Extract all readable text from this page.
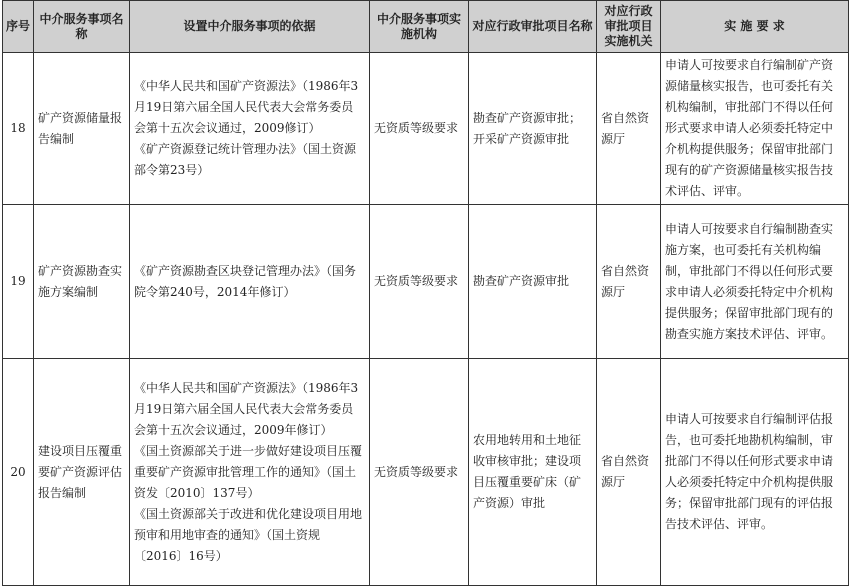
序号	中介服务事项名称	设置中介服务事项的依据	中介服务事项实施机构	对应行政审批项目名称	对应行政审批项目实施机关	实 施 要 求
18	矿产资源储量报告编制	《中华人民共和国矿产资源法》（1986年3月19日第六届全国人民代表大会常务委员会第十五次会议通过，2009修订）
《矿产资源登记统计管理办法》（国土资源部令第23号）	无资质等级要求	勘查矿产资源审批；开采矿产资源审批	省自然资源厅	申请人可按要求自行编制矿产资源储量核实报告，也可委托有关机构编制，审批部门不得以任何形式要求申请人必须委托特定中介机构提供服务；保留审批部门现有的矿产资源储量核实报告技术评估、评审。
19	矿产资源勘查实施方案编制	《矿产资源勘查区块登记管理办法》（国务院令第240号，2014年修订）	无资质等级要求	勘查矿产资源审批	省自然资源厅	申请人可按要求自行编制勘查实施方案，也可委托有关机构编制，审批部门不得以任何形式要求申请人必须委托特定中介机构提供服务；保留审批部门现有的勘查实施方案技术评估、评审。
20	建设项目压覆重要矿产资源评估报告编制	《中华人民共和国矿产资源法》（1986年3月19日第六届全国人民代表大会常务委员会第十五次会议通过，2009年修订）
《国土资源部关于进一步做好建设项目压覆重要矿产资源审批管理工作的通知》（国土资发〔2010〕137号）
《国土资源部关于改进和优化建设项目用地预审和用地审查的通知》（国土资规〔2016〕16号）	无资质等级要求	农用地转用和土地征收审核审批；建设项目压覆重要矿床（矿产资源）审批	省自然资源厅	申请人可按要求自行编制评估报告，也可委托地勘机构编制，审批部门不得以任何形式要求申请人必须委托特定中介机构提供服务；保留审批部门现有的评估报告技术评估、评审。
